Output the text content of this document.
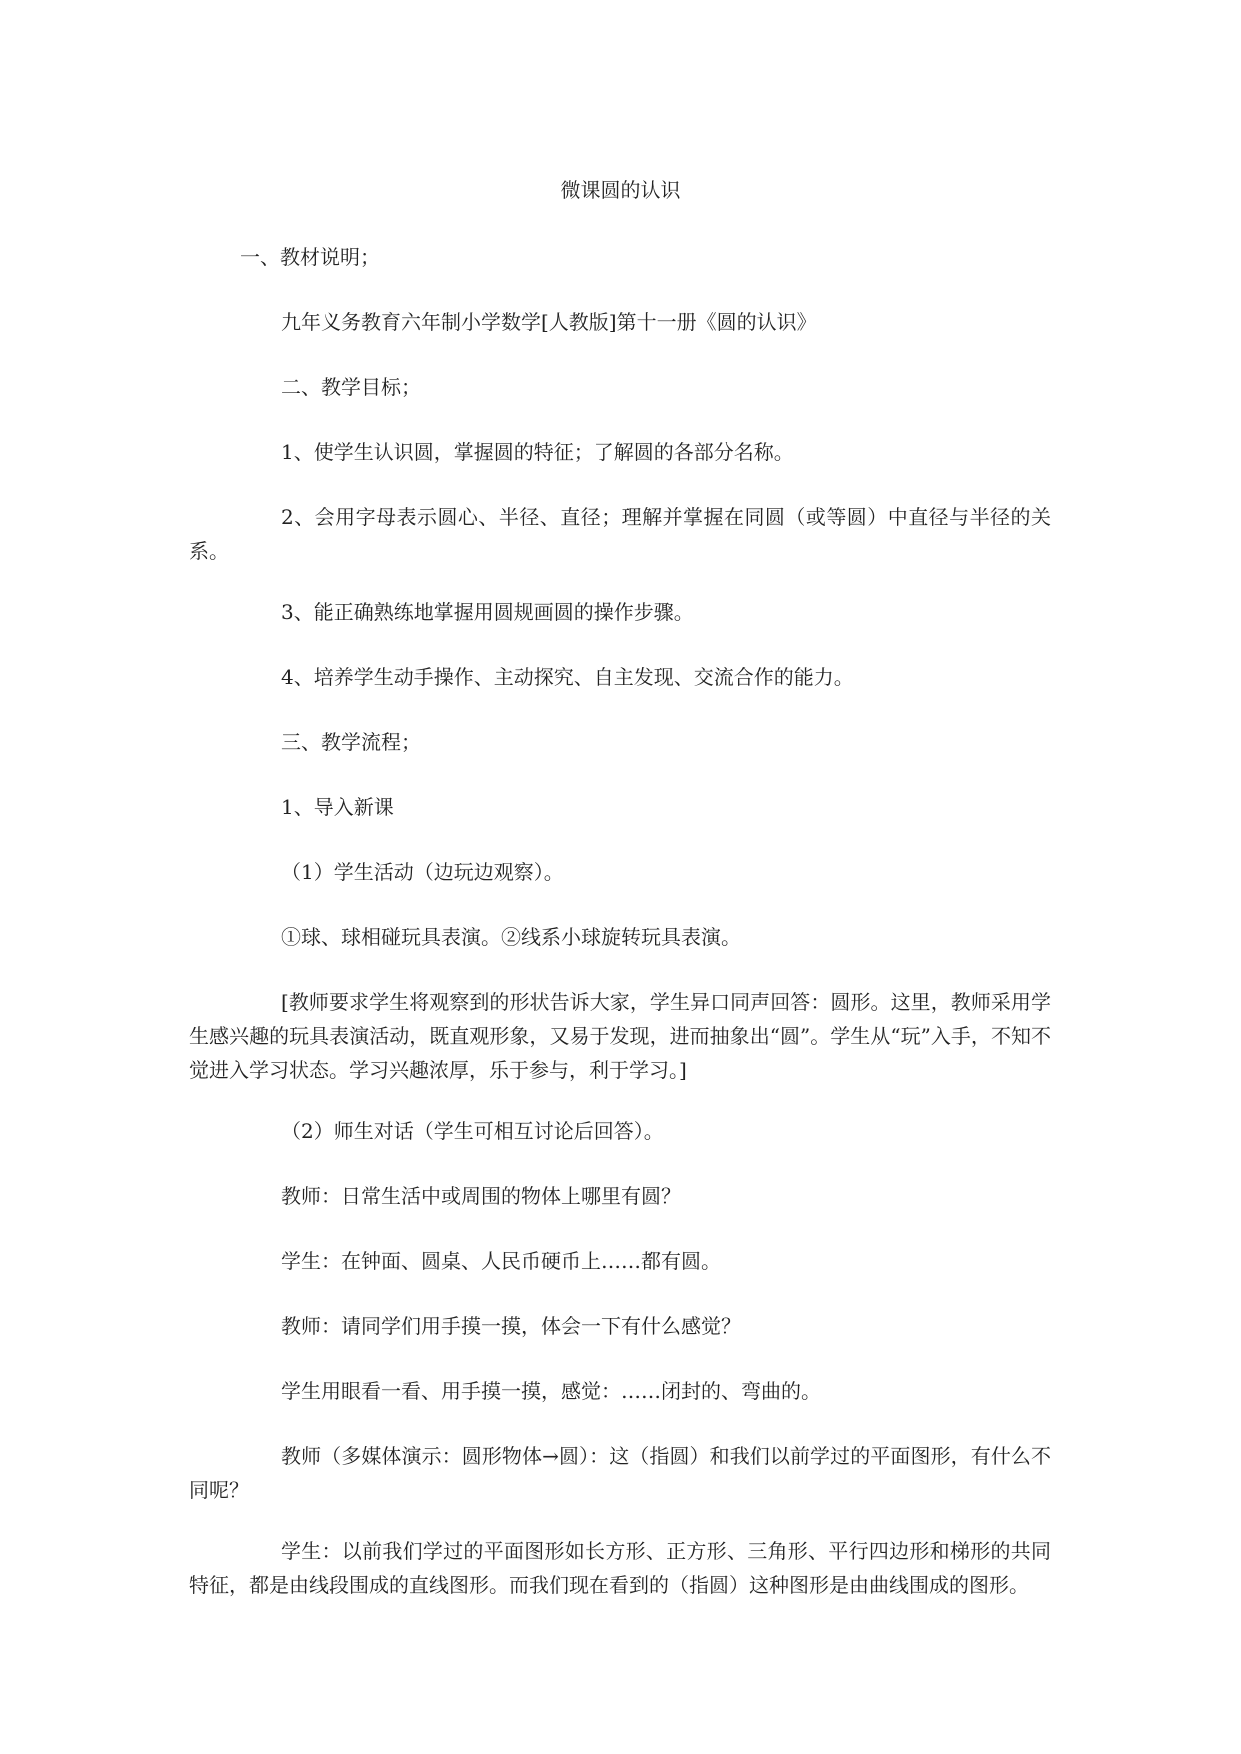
微课圆的认识

一、教材说明；

九年义务教育六年制小学数学[人教版]第十一册《圆的认识》

二、教学目标；

1、使学生认识圆，掌握圆的特征；了解圆的各部分名称。

2、会用字母表示圆心、半径、直径；理解并掌握在同圆（或等圆）中直径与半径的关系。

3、能正确熟练地掌握用圆规画圆的操作步骤。

4、培养学生动手操作、主动探究、自主发现、交流合作的能力。

三、教学流程；

1、导入新课

（1）学生活动（边玩边观察）。

①球、球相碰玩具表演。②线系小球旋转玩具表演。

[教师要求学生将观察到的形状告诉大家，学生异口同声回答：圆形。这里，教师采用学生感兴趣的玩具表演活动，既直观形象，又易于发现，进而抽象出“圆”。学生从“玩”入手，不知不觉进入学习状态。学习兴趣浓厚，乐于参与，利于学习。]

（2）师生对话（学生可相互讨论后回答）。

教师：日常生活中或周围的物体上哪里有圆？

学生：在钟面、圆桌、人民币硬币上……都有圆。

教师：请同学们用手摸一摸，体会一下有什么感觉？

学生用眼看一看、用手摸一摸，感觉：……闭封的、弯曲的。

教师（多媒体演示：圆形物体→圆）：这（指圆）和我们以前学过的平面图形，有什么不同呢？

学生：以前我们学过的平面图形如长方形、正方形、三角形、平行四边形和梯形的共同特征，都是由线段围成的直线图形。而我们现在看到的（指圆）这种图形是由曲线围成的图形。
